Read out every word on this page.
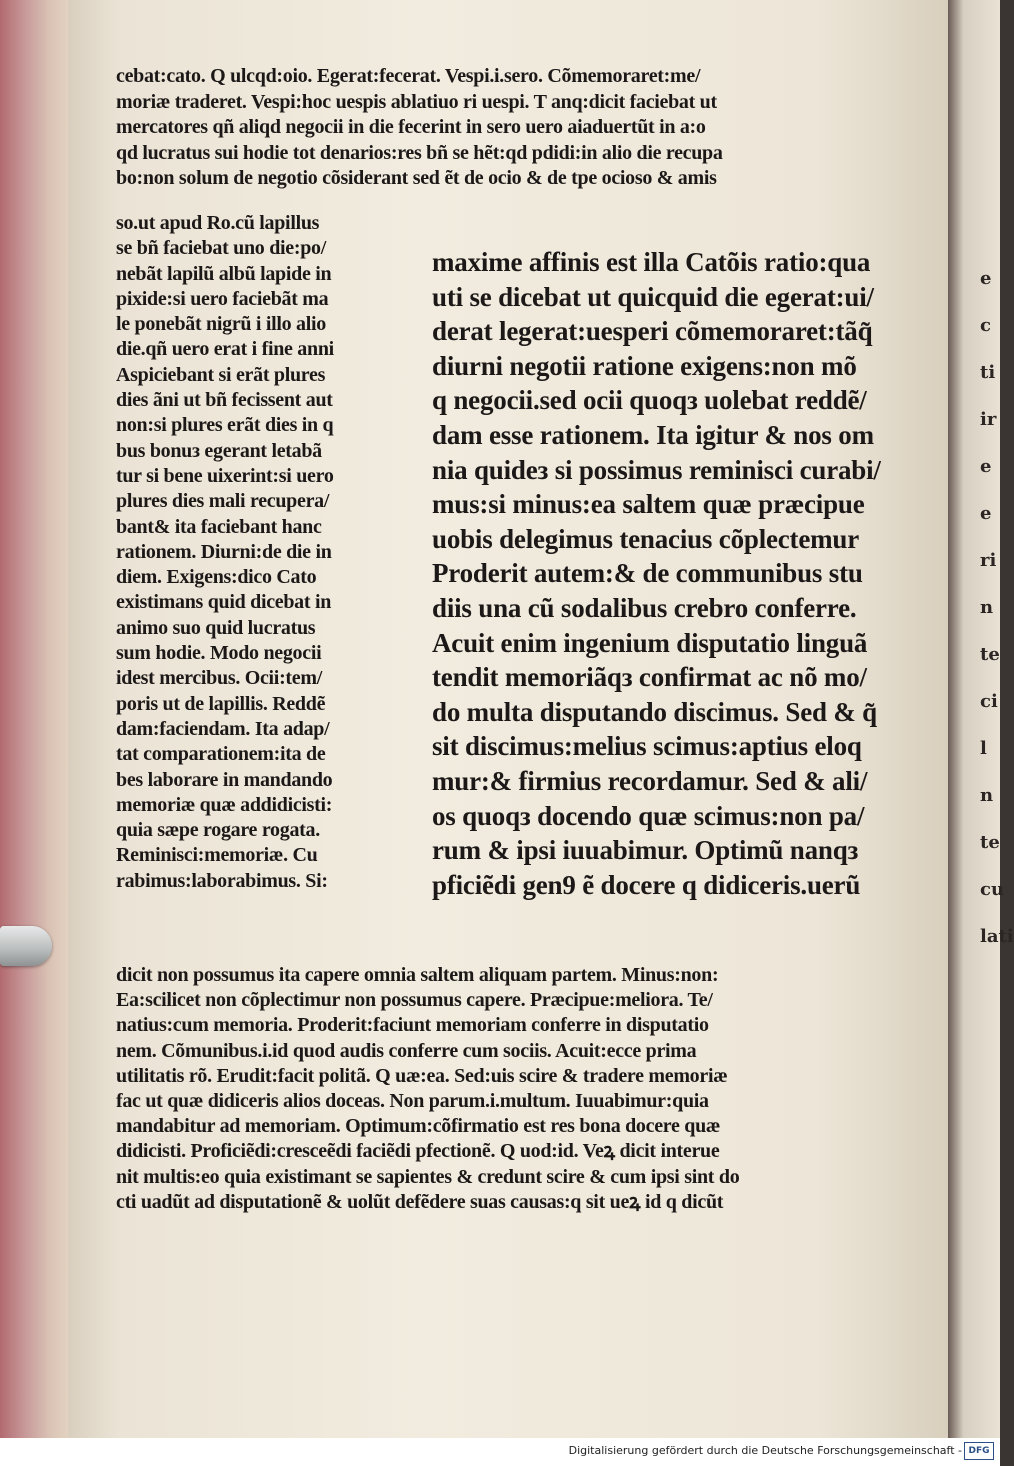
e
c
ti
ir
e
e
ri
n
te
ci
l
n
te
cu
lati
cebat:cato. Q ulcqd:oio. Egerat:fecerat. Vespi.i.sero. Cõmemoraret:me/
moriæ traderet. Vespi:hoc uespis ablatiuo ri uespi. T anq:dicit faciebat ut
mercatores qñ aliqd negocii in die fecerint in sero uero aiaduertũt in a:o
qd lucratus sui hodie tot denarios:res bñ se hẽt:qd pdidi:in alio die recupa
bo:non solum de negotio cõsiderant sed ẽt de ocio & de tpe ocioso & amis
so.ut apud Ro.cũ lapillus
se bñ faciebat uno die:po/
nebãt lapilũ albũ lapide in
pixide:si uero faciebãt ma
le ponebãt nigrũ i illo alio
die.qñ uero erat i fine anni
Aspiciebant si erãt plures
dies ãni ut bñ fecissent aut
non:si plures erãt dies in q
bus bonuз egerant letabã
tur si bene uixerint:si uero
plures dies mali recupera/
bant& ita faciebant hanc
rationem. Diurni:de die in
diem. Exigens:dico Cato
existimans quid dicebat in
animo suo quid lucratus
sum hodie. Modo negocii
idest mercibus. Ocii:tem/
poris ut de lapillis. Reddẽ
dam:faciendam. Ita adap/
tat comparationem:ita de
bes laborare in mandando
memoriæ quæ addidicisti:
quia sæpe rogare rogata.
Reminisci:memoriæ. Cu
rabimus:laborabimus. Si:
maxime affinis est illa Catõis ratio:qua
uti se dicebat ut quicquid die egerat:ui/
derat legerat:uesperi cõmemoraret:tãq̃
diurni negotii ratione exigens:non mõ
q negocii.sed ocii quoqз uolebat reddẽ/
dam esse rationem. Ita igitur & nos om
nia quideз si possimus reminisci curabi/
mus:si minus:ea saltem quæ præcipue
uobis delegimus tenacius cõplectemur
Proderit autem:& de communibus stu
diis una cũ sodalibus crebro conferre.
Acuit enim ingenium disputatio linguã
tendit memoriãqз confirmat ac nõ mo/
do multa disputando discimus. Sed & q̃
sit discimus:melius scimus:aptius eloq
mur:& firmius recordamur. Sed & ali/
os quoqз docendo quæ scimus:non pa/
rum & ipsi iuuabimur. Optimũ nanqз
pficiẽdi gen9 ẽ docere q didiceris.uerũ
dicit non possumus ita capere omnia saltem aliquam partem. Minus:non:
Ea:scilicet non cõplectimur non possumus capere. Præcipue:meliora. Te/
natius:cum memoria. Proderit:faciunt memoriam conferre in disputatio
nem. Cõmunibus.i.id quod audis conferre cum sociis. Acuit:ecce prima
utilitatis rõ. Erudit:facit politã. Q uæ:ea. Sed:uis scire & tradere memoriæ
fac ut quæ didiceris alios doceas. Non parum.i.multum. Iuuabimur:quia
mandabitur ad memoriam. Optimum:cõfirmatio est res bona docere quæ
didicisti. Proficiẽdi:cresceẽdi faciẽdi pfectionẽ. Q uod:id. Veꝝ dicit interue
nit multis:eo quia existimant se sapientes & credunt scire & cum ipsi sint do
cti uadũt ad disputationẽ & uolũt defẽdere suas causas:q sit ueꝝ id q dicũt
Digitalisierung gefördert durch die Deutsche Forschungsgemeinschaft - DFG
